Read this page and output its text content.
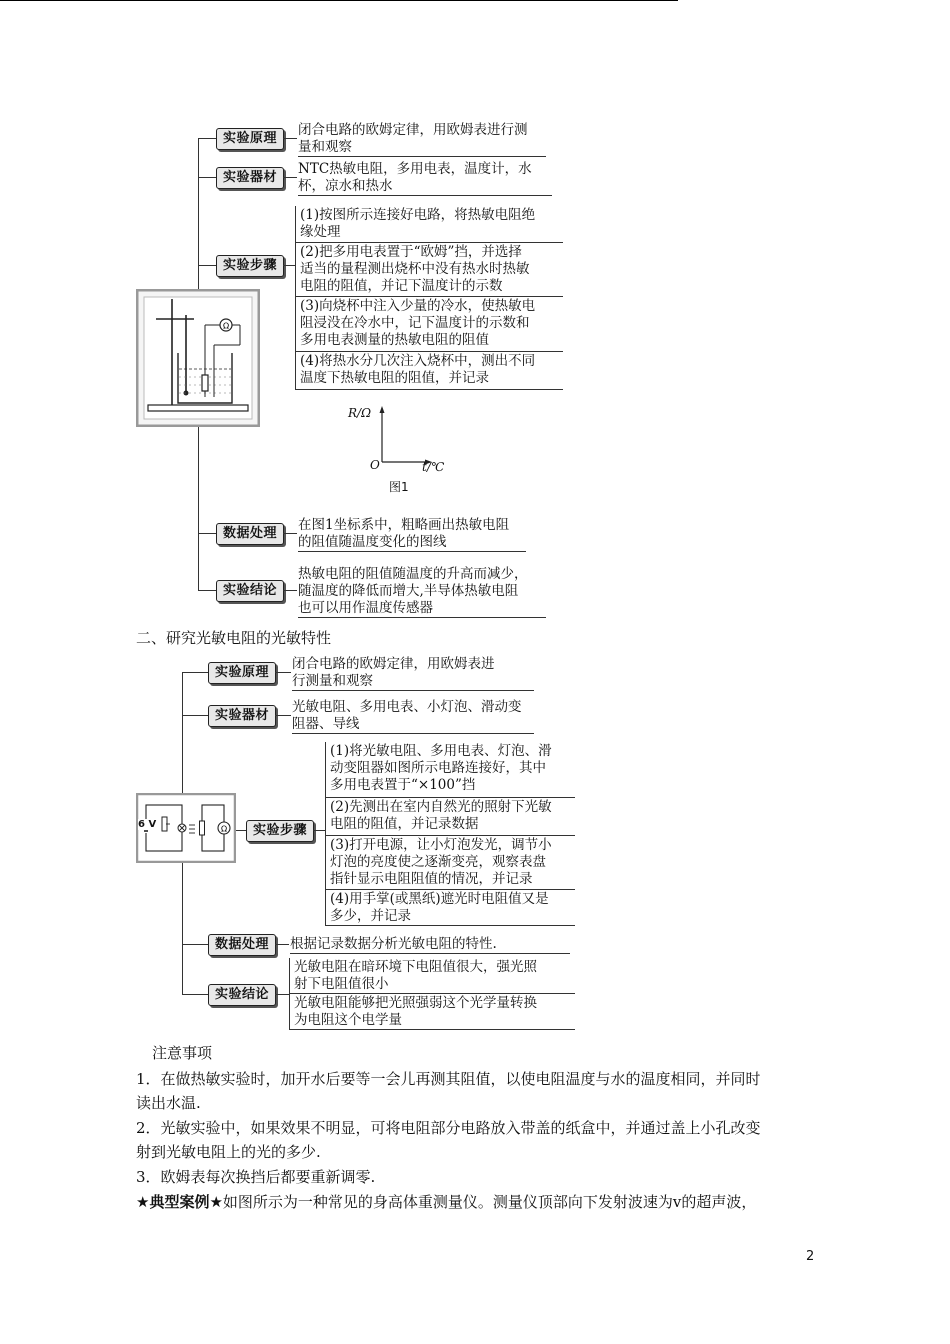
实验原理
闭合电路的欧姆定律，用欧姆表进行测
量和观察
实验器材
NTC热敏电阻，多用电表，温度计，水
杯，凉水和热水
实验步骤
(1)按图所示连接好电路，将热敏电阻绝
缘处理
(2)把多用电表置于“欧姆”挡，并选择
适当的量程测出烧杯中没有热水时热敏
电阻的阻值，并记下温度计的示数
(3)向烧杯中注入少量的冷水，使热敏电
阻浸没在冷水中，记下温度计的示数和
多用电表测量的热敏电阻的阻值
(4)将热水分几次注入烧杯中，测出不同
温度下热敏电阻的阻值，并记录
Ω
R/Ω
O	t/℃
图1
数据处理
在图1坐标系中，粗略画出热敏电阻
的阻值随温度变化的图线
实验结论
热敏电阻的阻值随温度的升高而减少，
随温度的降低而增大,半导体热敏电阻
也可以用作温度传感器
二、研究光敏电阻的光敏特性
实验原理
闭合电路的欧姆定律，用欧姆表进
行测量和观察
实验器材
光敏电阻、多用电表、小灯泡、滑动变
阻器、导线
Ω
6 V	实验步骤
(1)将光敏电阻、多用电表、灯泡、滑
动变阻器如图所示电路连接好，其中
多用电表置于“×100”挡
(2)先测出在室内自然光的照射下光敏
电阻的阻值，并记录数据
(3)打开电源，让小灯泡发光，调节小
灯泡的亮度使之逐渐变亮，观察表盘
指针显示电阻阻值的情况，并记录
(4)用手掌(或黑纸)遮光时电阻值又是
多少，并记录
数据处理	根据记录数据分析光敏电阻的特性.
实验结论
光敏电阻在暗环境下电阻值很大，强光照
射下电阻值很小
光敏电阻能够把光照强弱这个光学量转换
为电阻这个电学量
注意事项
1．在做热敏实验时，加开水后要等一会儿再测其阻值，以使电阻温度与水的温度相同，并同时
读出水温.
2．光敏实验中，如果效果不明显，可将电阻部分电路放入带盖的纸盒中，并通过盖上小孔改变
射到光敏电阻上的光的多少.
3．欧姆表每次换挡后都要重新调零.
★典型案例★如图所示为一种常见的身高体重测量仪。测量仪顶部向下发射波速为v的超声波，
2
